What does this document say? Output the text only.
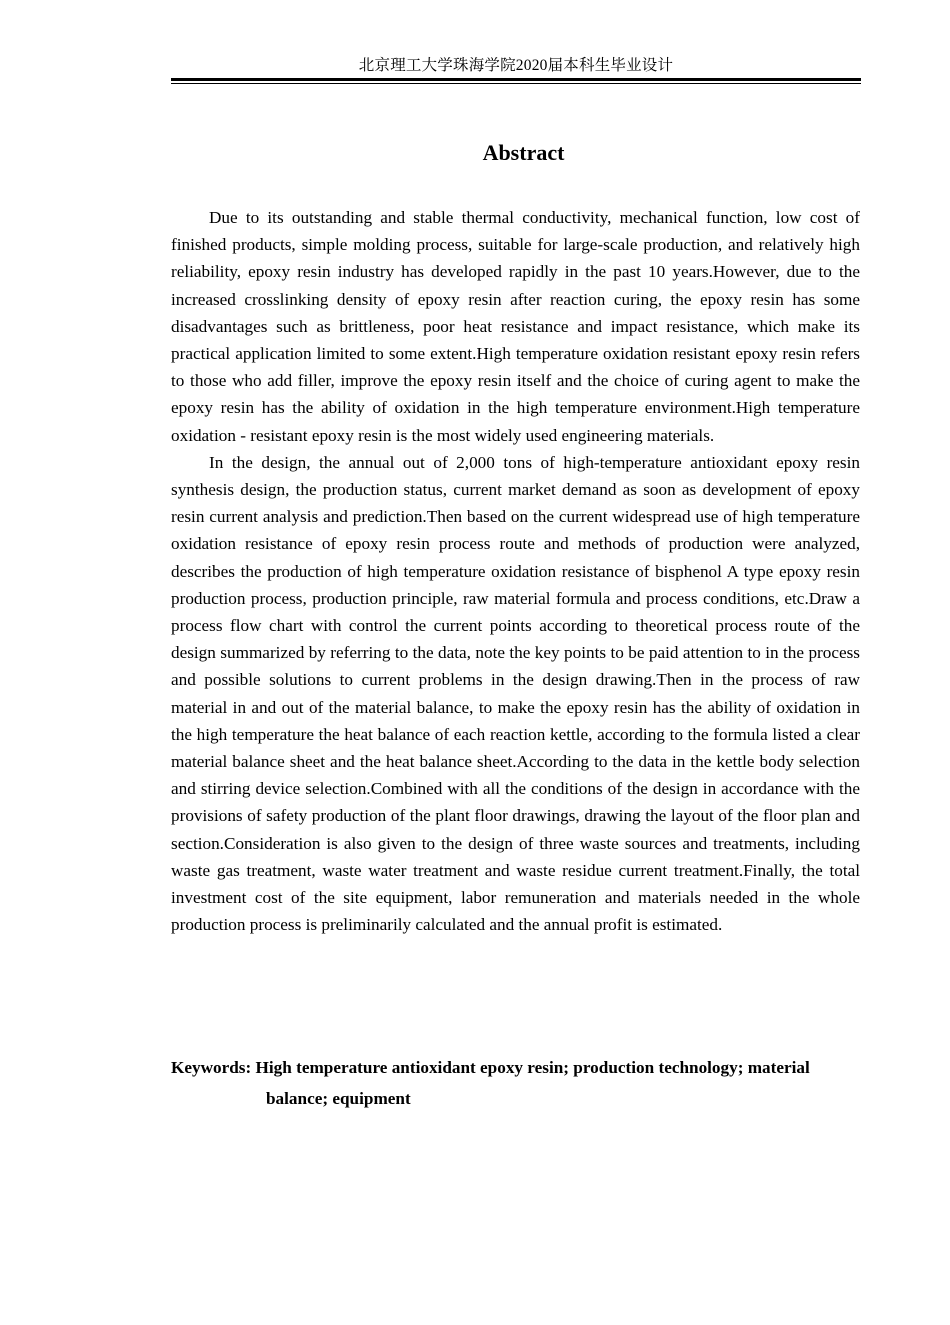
北京理工大学珠海学院2020届本科生毕业设计
Abstract

Due to its outstanding and stable thermal conductivity, mechanical function, low cost of finished products, simple molding process, suitable for large-scale production, and relatively high reliability, epoxy resin industry has developed rapidly in the past 10 years.However, due to the increased crosslinking density of epoxy resin after reaction curing, the epoxy resin has some disadvantages such as brittleness, poor heat resistance and impact resistance, which make its practical application limited to some extent.High temperature oxidation resistant epoxy resin refers to those who add filler, improve the epoxy resin itself and the choice of curing agent to make the epoxy resin has the ability of oxidation in the high temperature environment.High temperature oxidation - resistant epoxy resin is the most widely used engineering materials.

In the design, the annual out of 2,000 tons of high-temperature antioxidant epoxy resin synthesis design, the production status, current market demand as soon as development of epoxy resin current analysis and prediction.Then based on the current widespread use of high temperature oxidation resistance of epoxy resin process route and methods of production were analyzed, describes the production of high temperature oxidation resistance of bisphenol A type epoxy resin production process, production principle, raw material formula and process conditions, etc.Draw a process flow chart with control the current points according to theoretical process route of the design summarized by referring to the data, note the key points to be paid attention to in the process and possible solutions to current problems in the design drawing.Then in the process of raw material in and out of the material balance, to make the epoxy resin has the ability of oxidation in the high temperature the heat balance of each reaction kettle, according to the formula listed a clear material balance sheet and the heat balance sheet.According to the data in the kettle body selection and stirring device selection.Combined with all the conditions of the design in accordance with the provisions of safety production of the plant floor drawings, drawing the layout of the floor plan and section.Consideration is also given to the design of three waste sources and treatments, including waste gas treatment, waste water treatment and waste residue current treatment.Finally, the total investment cost of the site equipment, labor remuneration and materials needed in the whole production process is preliminarily calculated and the annual profit is estimated.

Keywords: High temperature antioxidant epoxy resin; production technology; material balance; equipment
